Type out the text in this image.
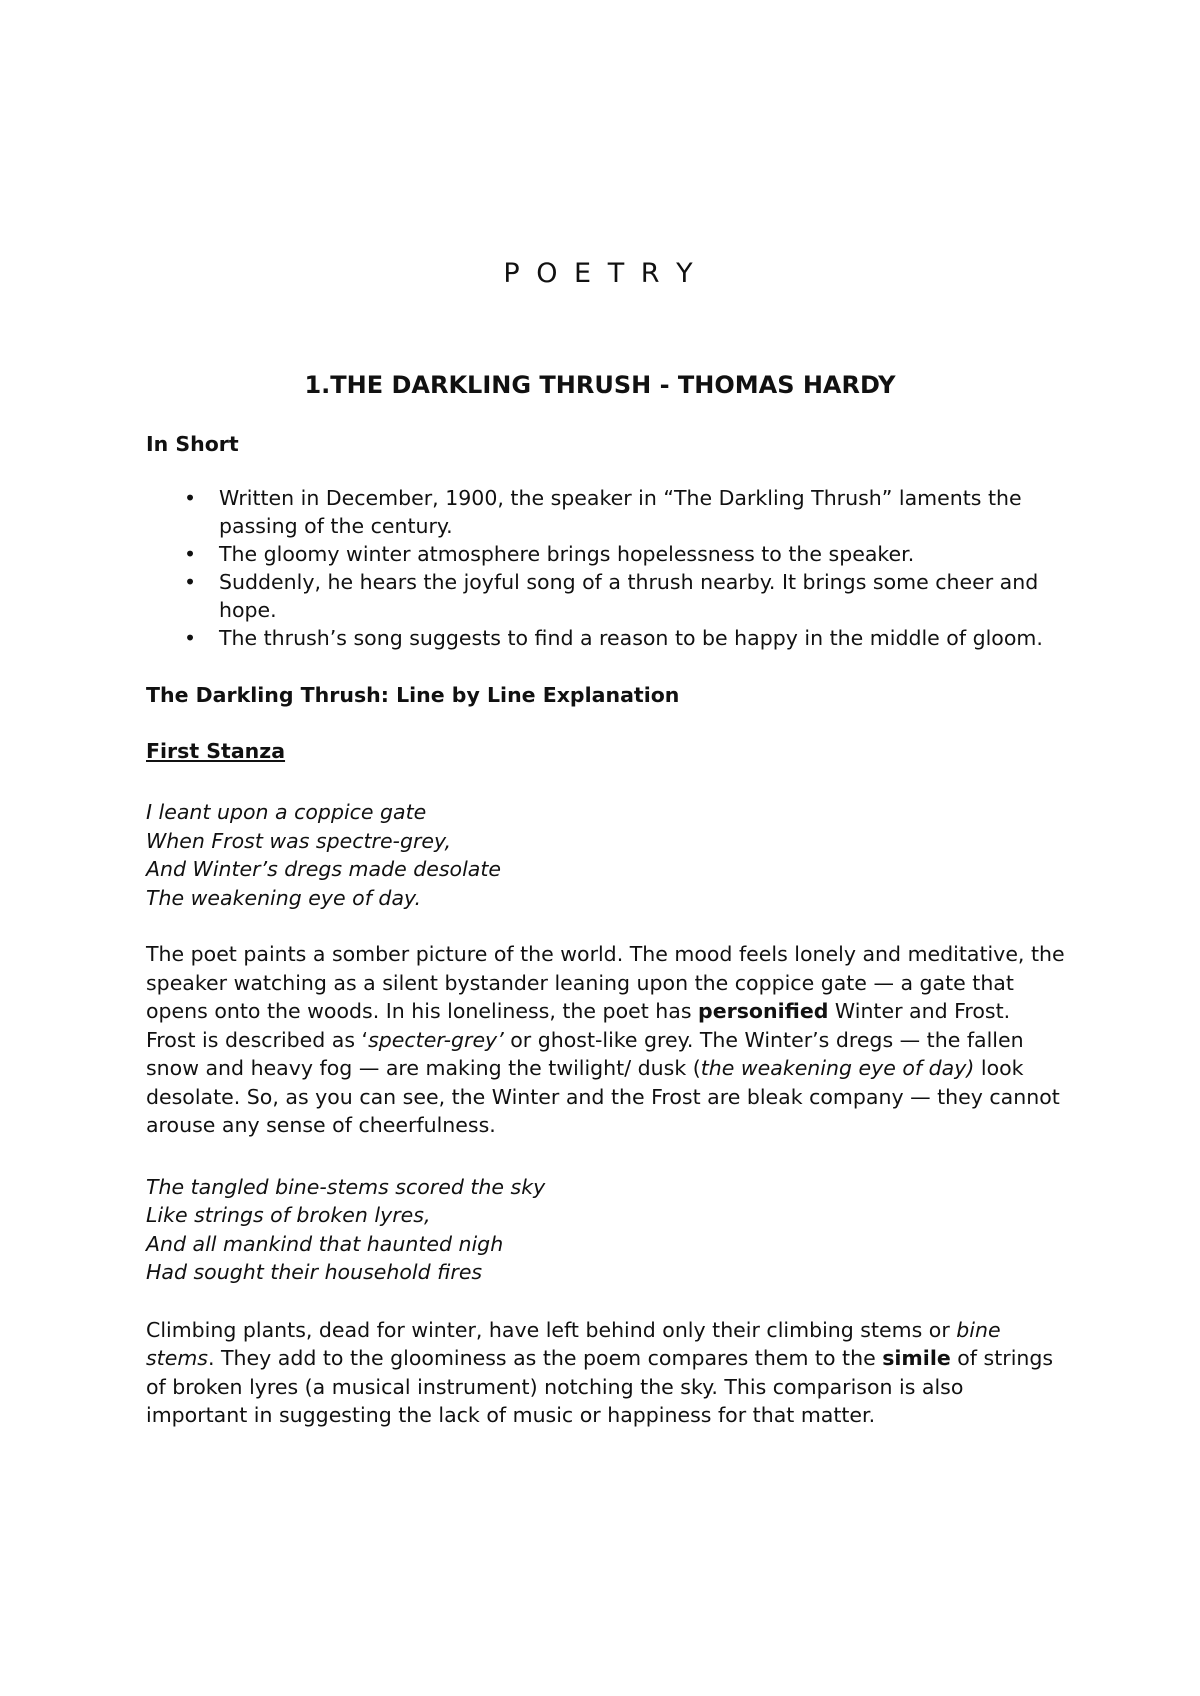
P O E T R Y
1.THE DARKLING THRUSH - THOMAS HARDY

In Short

• Written in December, 1900, the speaker in “The Darkling Thrush” laments the passing of the century.
• The gloomy winter atmosphere brings hopelessness to the speaker.
• Suddenly, he hears the joyful song of a thrush nearby. It brings some cheer and hope.
• The thrush’s song suggests to find a reason to be happy in the middle of gloom.

The Darkling Thrush: Line by Line Explanation

First Stanza

I leant upon a coppice gate
When Frost was spectre-grey,
And Winter’s dregs made desolate
The weakening eye of day.

The poet paints a somber picture of the world. The mood feels lonely and meditative, the speaker watching as a silent bystander leaning upon the coppice gate — a gate that opens onto the woods. In his loneliness, the poet has personified Winter and Frost. Frost is described as ‘specter-grey’ or ghost-like grey. The Winter’s dregs — the fallen snow and heavy fog — are making the twilight/ dusk (the weakening eye of day) look desolate. So, as you can see, the Winter and the Frost are bleak company — they cannot arouse any sense of cheerfulness.

The tangled bine-stems scored the sky
Like strings of broken lyres,
And all mankind that haunted nigh
Had sought their household fires

Climbing plants, dead for winter, have left behind only their climbing stems or bine stems. They add to the gloominess as the poem compares them to the simile of strings of broken lyres (a musical instrument) notching the sky. This comparison is also important in suggesting the lack of music or happiness for that matter.
